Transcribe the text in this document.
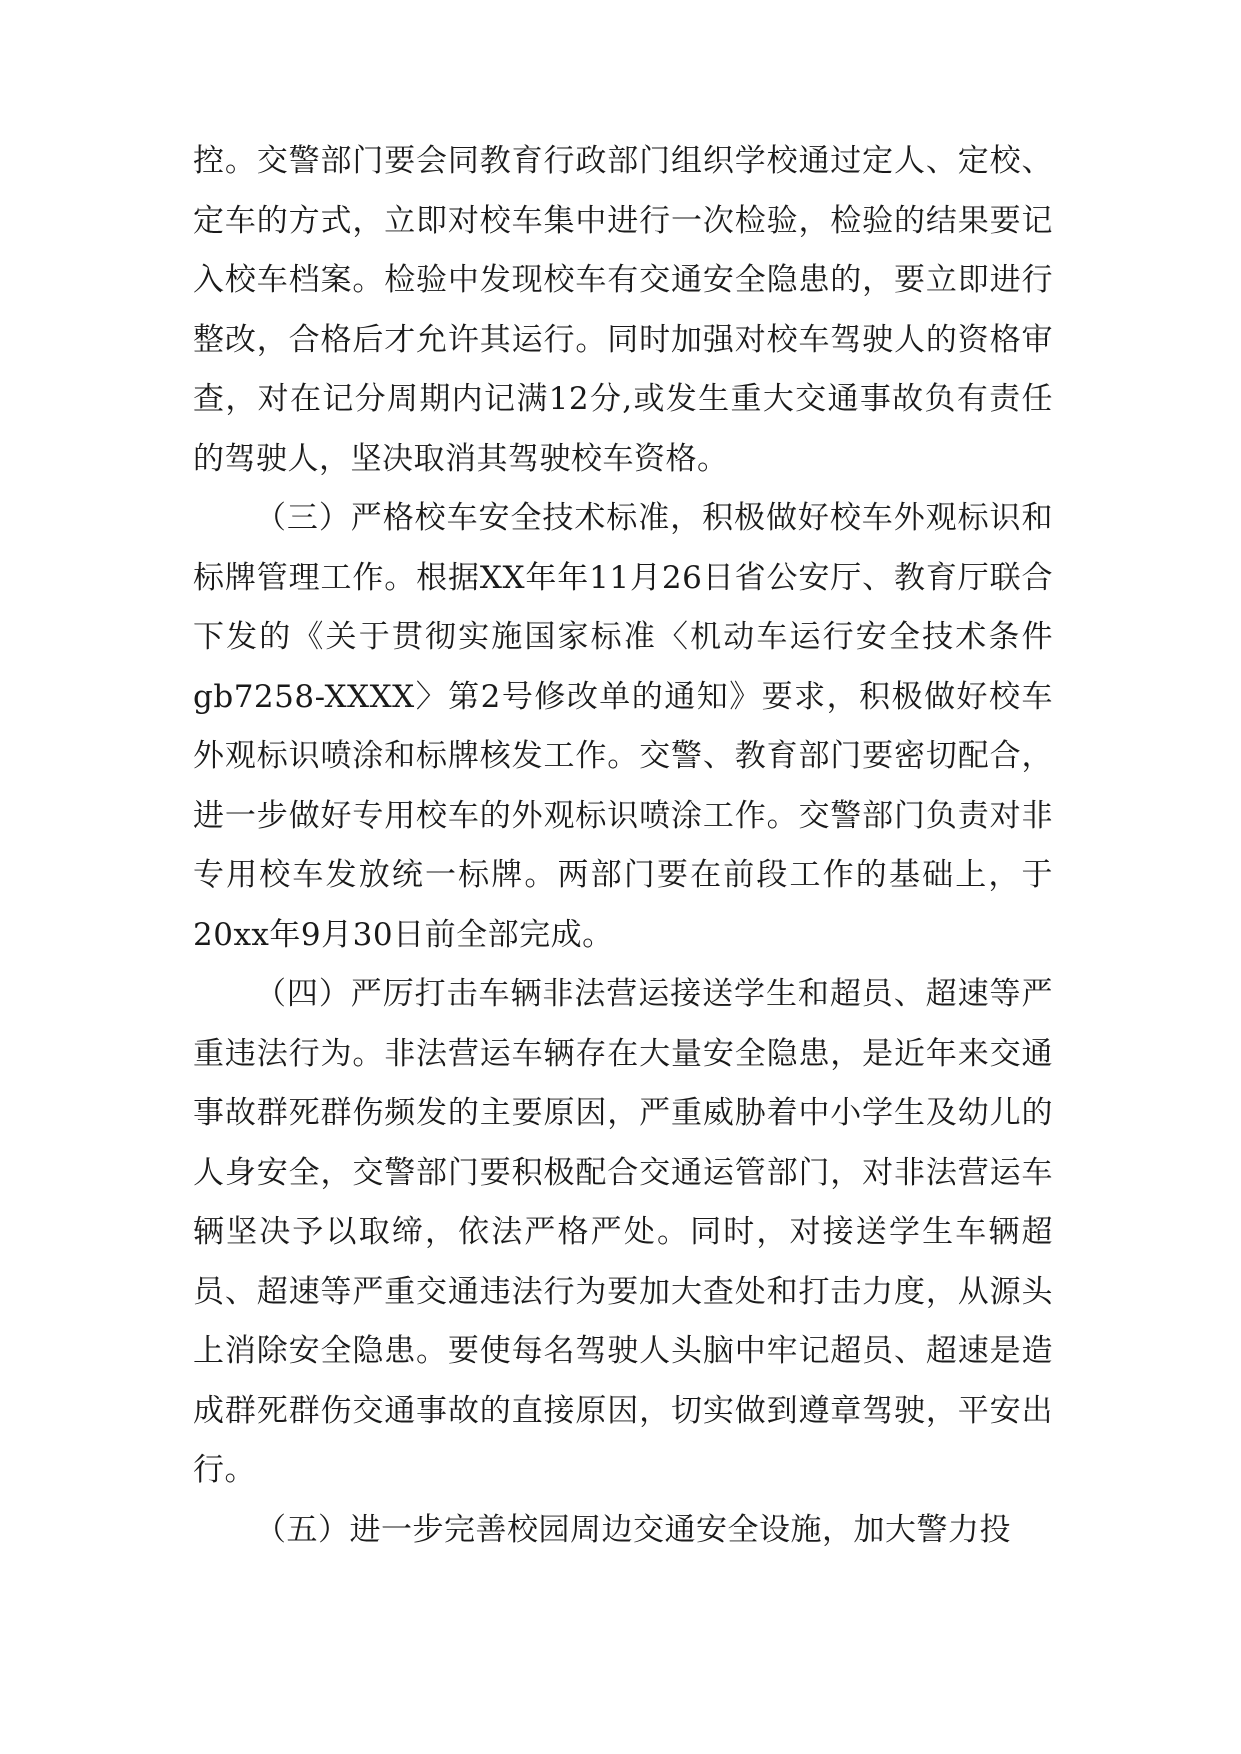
控。交警部门要会同教育行政部门组织学校通过定人、定校、定车的方式，立即对校车集中进行一次检验，检验的结果要记入校车档案。检验中发现校车有交通安全隐患的，要立即进行整改，合格后才允许其运行。同时加强对校车驾驶人的资格审查，对在记分周期内记满12分,或发生重大交通事故负有责任的驾驶人，坚决取消其驾驶校车资格。

（三）严格校车安全技术标准，积极做好校车外观标识和标牌管理工作。根据XX年年11月26日省公安厅、教育厅联合下发的《关于贯彻实施国家标准〈机动车运行安全技术条件gb7258-XXXX〉第2号修改单的通知》要求，积极做好校车外观标识喷涂和标牌核发工作。交警、教育部门要密切配合，进一步做好专用校车的外观标识喷涂工作。交警部门负责对非专用校车发放统一标牌。两部门要在前段工作的基础上，于20xx年9月30日前全部完成。

（四）严厉打击车辆非法营运接送学生和超员、超速等严重违法行为。非法营运车辆存在大量安全隐患，是近年来交通事故群死群伤频发的主要原因，严重威胁着中小学生及幼儿的人身安全，交警部门要积极配合交通运管部门，对非法营运车辆坚决予以取缔，依法严格严处。同时，对接送学生车辆超员、超速等严重交通违法行为要加大查处和打击力度，从源头上消除安全隐患。要使每名驾驶人头脑中牢记超员、超速是造成群死群伤交通事故的直接原因，切实做到遵章驾驶，平安出行。

（五）进一步完善校园周边交通安全设施，加大警力投
